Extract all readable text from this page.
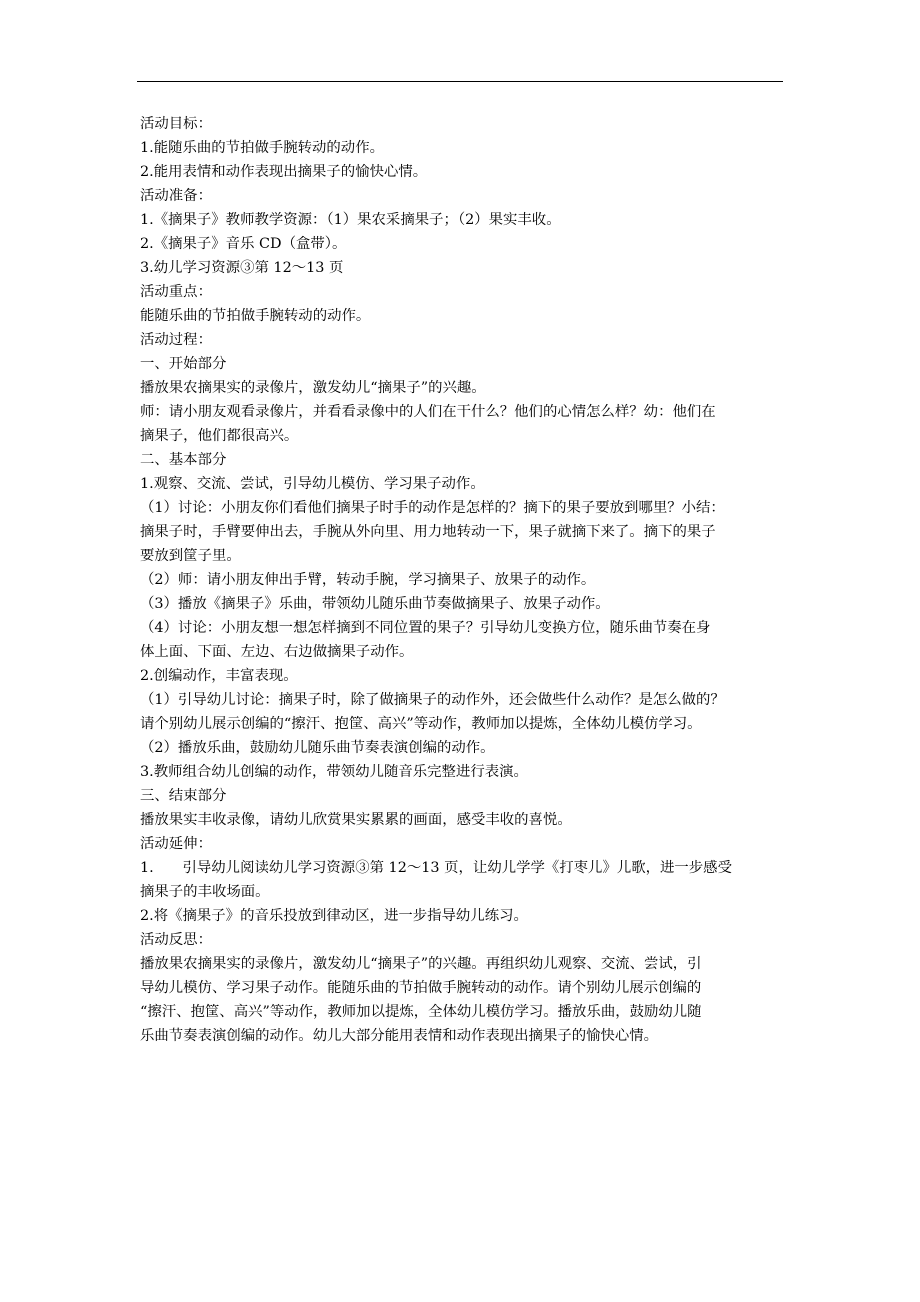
活动目标：

1.能随乐曲的节拍做手腕转动的动作。

2.能用表情和动作表现出摘果子的愉快心情。

活动准备：

1.《摘果子》教师教学资源：（1）果农采摘果子；（2）果实丰收。

2.《摘果子》音乐 CD（盒带）。

3.幼儿学习资源③第 12～13 页

活动重点：

能随乐曲的节拍做手腕转动的动作。

活动过程：

一、开始部分

播放果农摘果实的录像片，激发幼儿“摘果子”的兴趣。

师：请小朋友观看录像片，并看看录像中的人们在干什么？他们的心情怎么样？幼：他们在

摘果子，他们都很高兴。

二、基本部分

1.观察、交流、尝试，引导幼儿模仿、学习果子动作。

（1）讨论：小朋友你们看他们摘果子时手的动作是怎样的？摘下的果子要放到哪里？小结：

摘果子时，手臂要伸出去，手腕从外向里、用力地转动一下，果子就摘下来了。摘下的果子

要放到筐子里。

（2）师：请小朋友伸出手臂，转动手腕，学习摘果子、放果子的动作。

（3）播放《摘果子》乐曲，带领幼儿随乐曲节奏做摘果子、放果子动作。

（4）讨论：小朋友想一想怎样摘到不同位置的果子？引导幼儿变换方位，随乐曲节奏在身

体上面、下面、左边、右边做摘果子动作。

2.创编动作，丰富表现。

（1）引导幼儿讨论：摘果子时，除了做摘果子的动作外，还会做些什么动作？是怎么做的？

请个别幼儿展示创编的“擦汗、抱筐、高兴”等动作，教师加以提炼，全体幼儿模仿学习。

（2）播放乐曲，鼓励幼儿随乐曲节奏表演创编的动作。

3.教师组合幼儿创编的动作，带领幼儿随音乐完整进行表演。

三、结束部分

播放果实丰收录像，请幼儿欣赏果实累累的画面，感受丰收的喜悦。

活动延伸：

1.　　引导幼儿阅读幼儿学习资源③第 12～13 页，让幼儿学学《打枣儿》儿歌，进一步感受

摘果子的丰收场面。

2.将《摘果子》的音乐投放到律动区，进一步指导幼儿练习。

活动反思：

播放果农摘果实的录像片，激发幼儿“摘果子”的兴趣。再组织幼儿观察、交流、尝试，引

导幼儿模仿、学习果子动作。能随乐曲的节拍做手腕转动的动作。请个别幼儿展示创编的

“擦汗、抱筐、高兴”等动作，教师加以提炼，全体幼儿模仿学习。播放乐曲，鼓励幼儿随

乐曲节奏表演创编的动作。幼儿大部分能用表情和动作表现出摘果子的愉快心情。
